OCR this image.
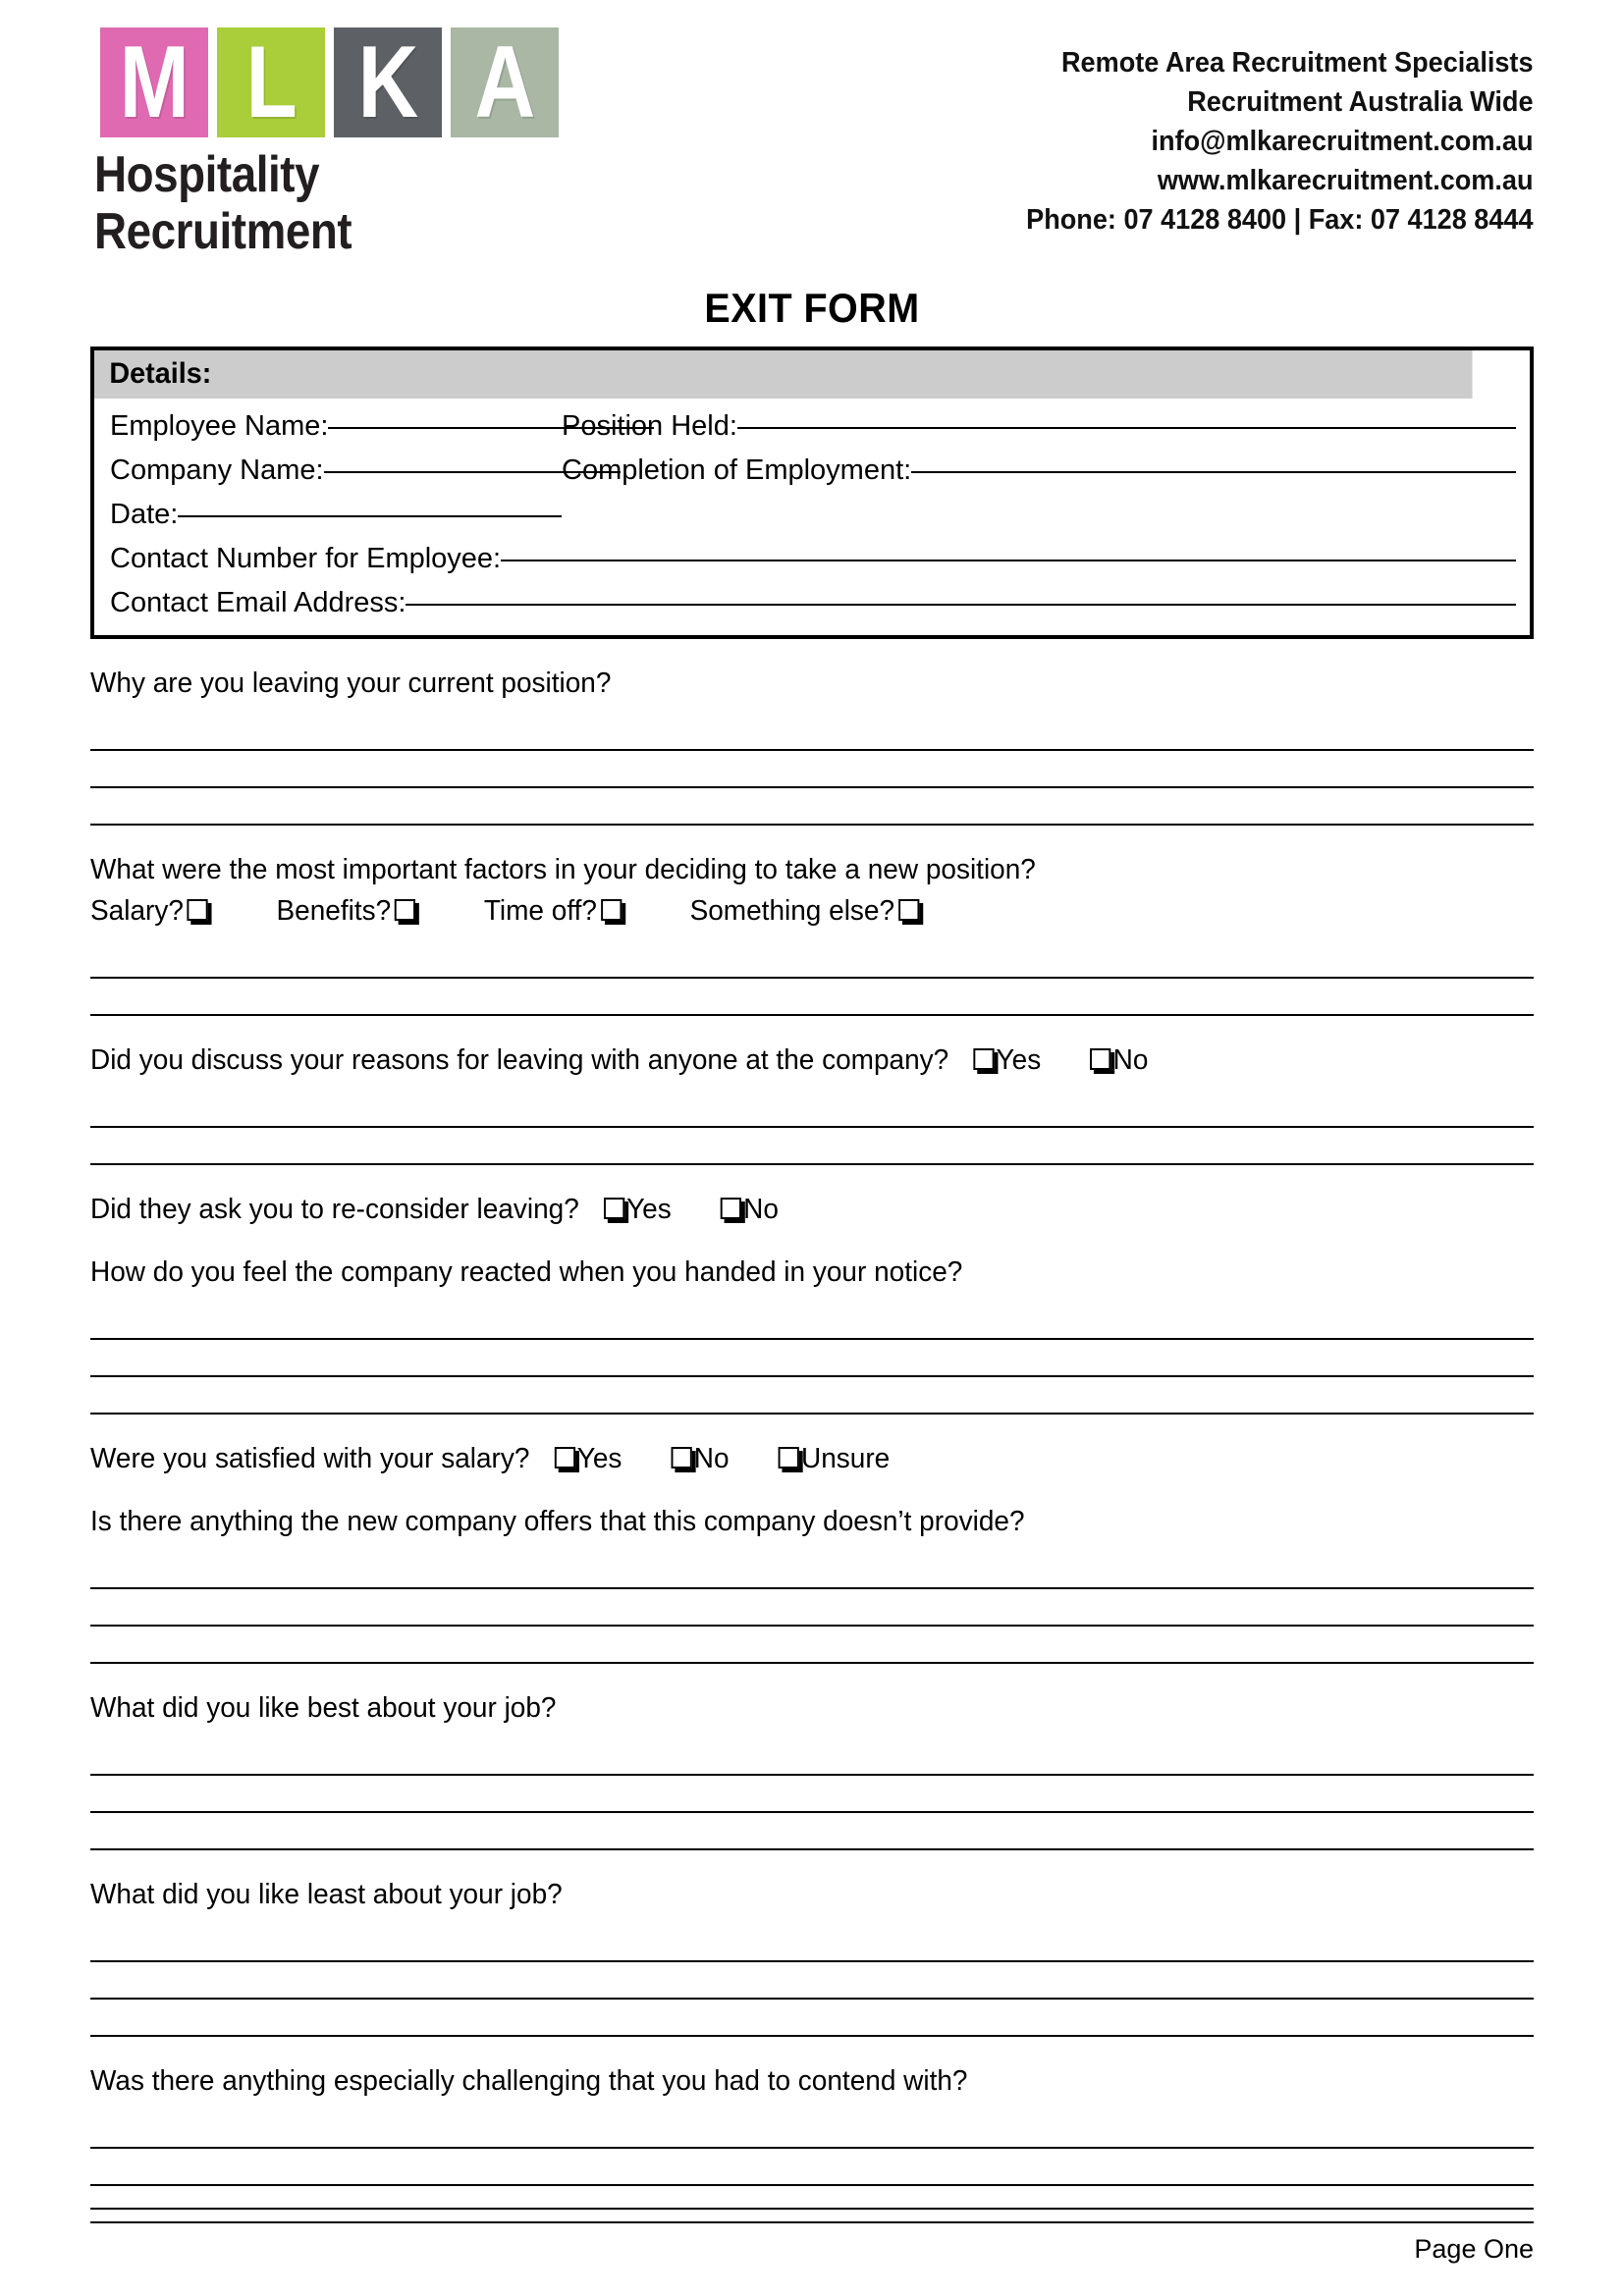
M L K A
Hospitality Recruitment
Remote Area Recruitment Specialists
Recruitment Australia Wide
info@mlkarecruitment.com.au
www.mlkarecruitment.com.au
Phone: 07 4128 8400 | Fax: 07 4128 8444
EXIT FORM
Details:
Employee Name:	Position Held:
Company Name:	Completion of Employment:
Date:
Contact Number for Employee:
Contact Email Address:
Why are you leaving your current position?
What were the most important factors in your deciding to take a new position?
Salary?	Benefits?	Time off?	Something else?
Did you discuss your reasons for leaving with anyone at the company? Yes	No
Did they ask you to re-consider leaving? Yes	No
How do you feel the company reacted when you handed in your notice?
Were you satisfied with your salary? Yes	No	Unsure
Is there anything the new company offers that this company doesn’t provide?
What did you like best about your job?
What did you like least about your job?
Was there anything especially challenging that you had to contend with?
Page One
